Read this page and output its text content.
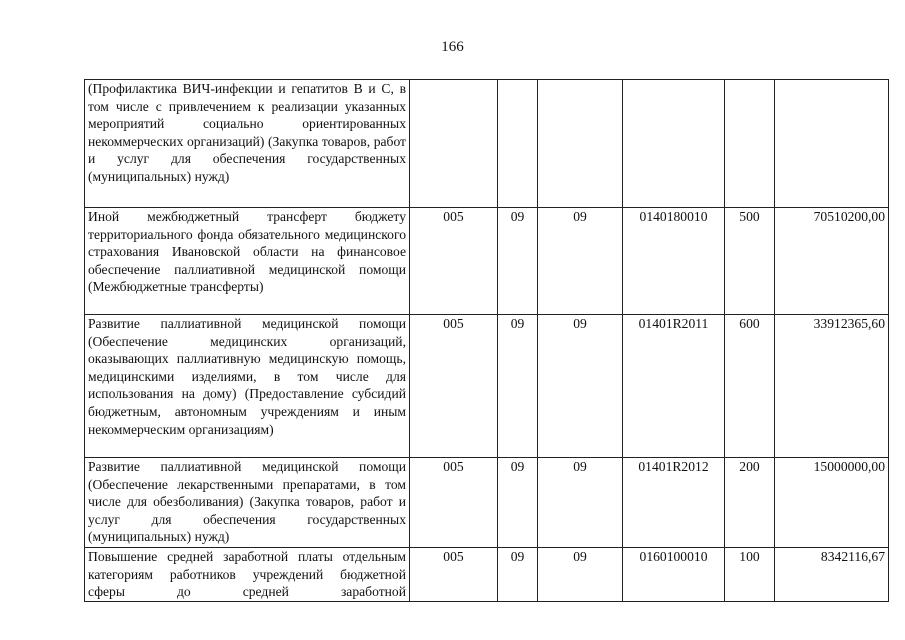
166
(Профилактика ВИЧ-инфекции и гепатитов В и С, в том числе с привлечением к реализации указанных мероприятий социально ориентированных некоммерческих организаций) (Закупка товаров, работ и услуг для обеспечения государственных (муниципальных) нужд)						
Иной межбюджетный трансферт бюджету территориального фонда обязательного медицинского страхования Ивановской области на финансовое обеспечение паллиативной медицинской помощи (Межбюджетные трансферты)	005	09	09	0140180010	500	70510200,00
Развитие паллиативной медицинской помощи (Обеспечение медицинских организаций, оказывающих паллиативную медицинскую помощь, медицинскими изделиями, в том числе для использования на дому) (Предоставление субсидий бюджетным, автономным учреждениям и иным некоммерческим организациям)	005	09	09	01401R2011	600	33912365,60
Развитие паллиативной медицинской помощи (Обеспечение лекарственными препаратами, в том числе для обезболивания) (Закупка товаров, работ и услуг для обеспечения государственных (муниципальных) нужд)	005	09	09	01401R2012	200	15000000,00
Повышение средней заработной платы отдельным категориям работников учреждений бюджетной сферы до средней заработной	005	09	09	0160100010	100	8342116,67
